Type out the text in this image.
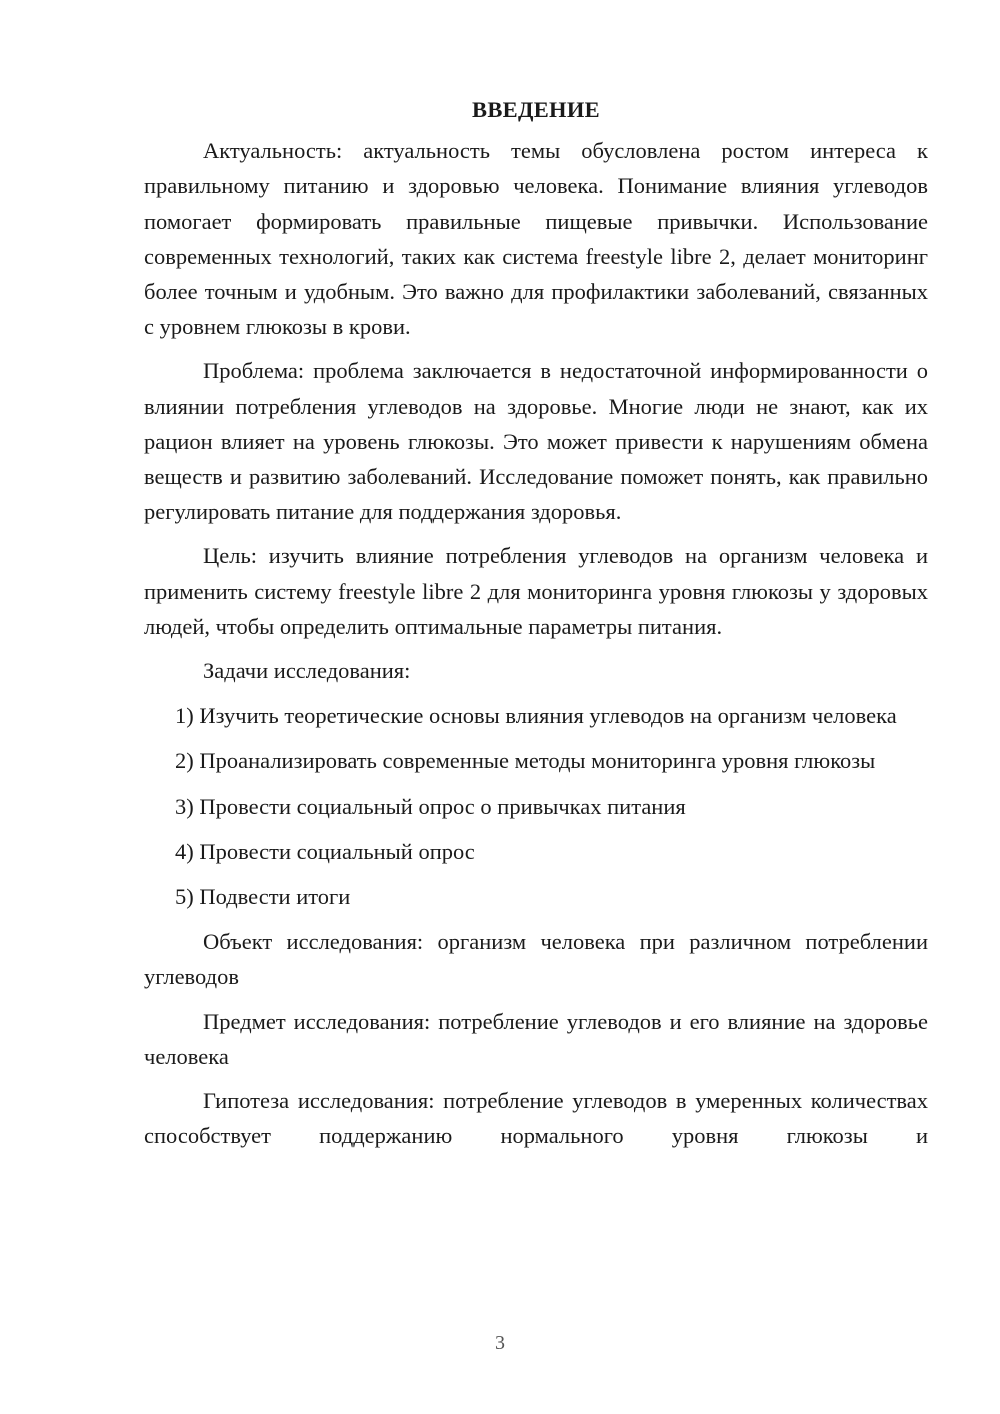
ВВЕДЕНИЕ

Актуальность: актуальность темы обусловлена ростом интереса к правильному питанию и здоровью человека. Понимание влияния углеводов помогает формировать правильные пищевые привычки. Использование современных технологий, таких как система freestyle libre 2, делает мониторинг более точным и удобным. Это важно для профилактики заболеваний, связанных с уровнем глюкозы в крови.

Проблема: проблема заключается в недостаточной информированности о влиянии потребления углеводов на здоровье. Многие люди не знают, как их рацион влияет на уровень глюкозы. Это может привести к нарушениям обмена веществ и развитию заболеваний. Исследование поможет понять, как правильно регулировать питание для поддержания здоровья.

Цель: изучить влияние потребления углеводов на организм человека и применить систему freestyle libre 2 для мониторинга уровня глюкозы у здоровых людей, чтобы определить оптимальные параметры питания.

Задачи исследования:

1) Изучить теоретические основы влияния углеводов на организм человека

2) Проанализировать современные методы мониторинга уровня глюкозы

3) Провести социальный опрос о привычках питания

4) Провести социальный опрос

5) Подвести итоги

Объект исследования: организм человека при различном потреблении углеводов

Предмет исследования: потребление углеводов и его влияние на здоровье человека

Гипотеза исследования: потребление углеводов в умеренных количествах способствует поддержанию нормального уровня глюкозы и

3
